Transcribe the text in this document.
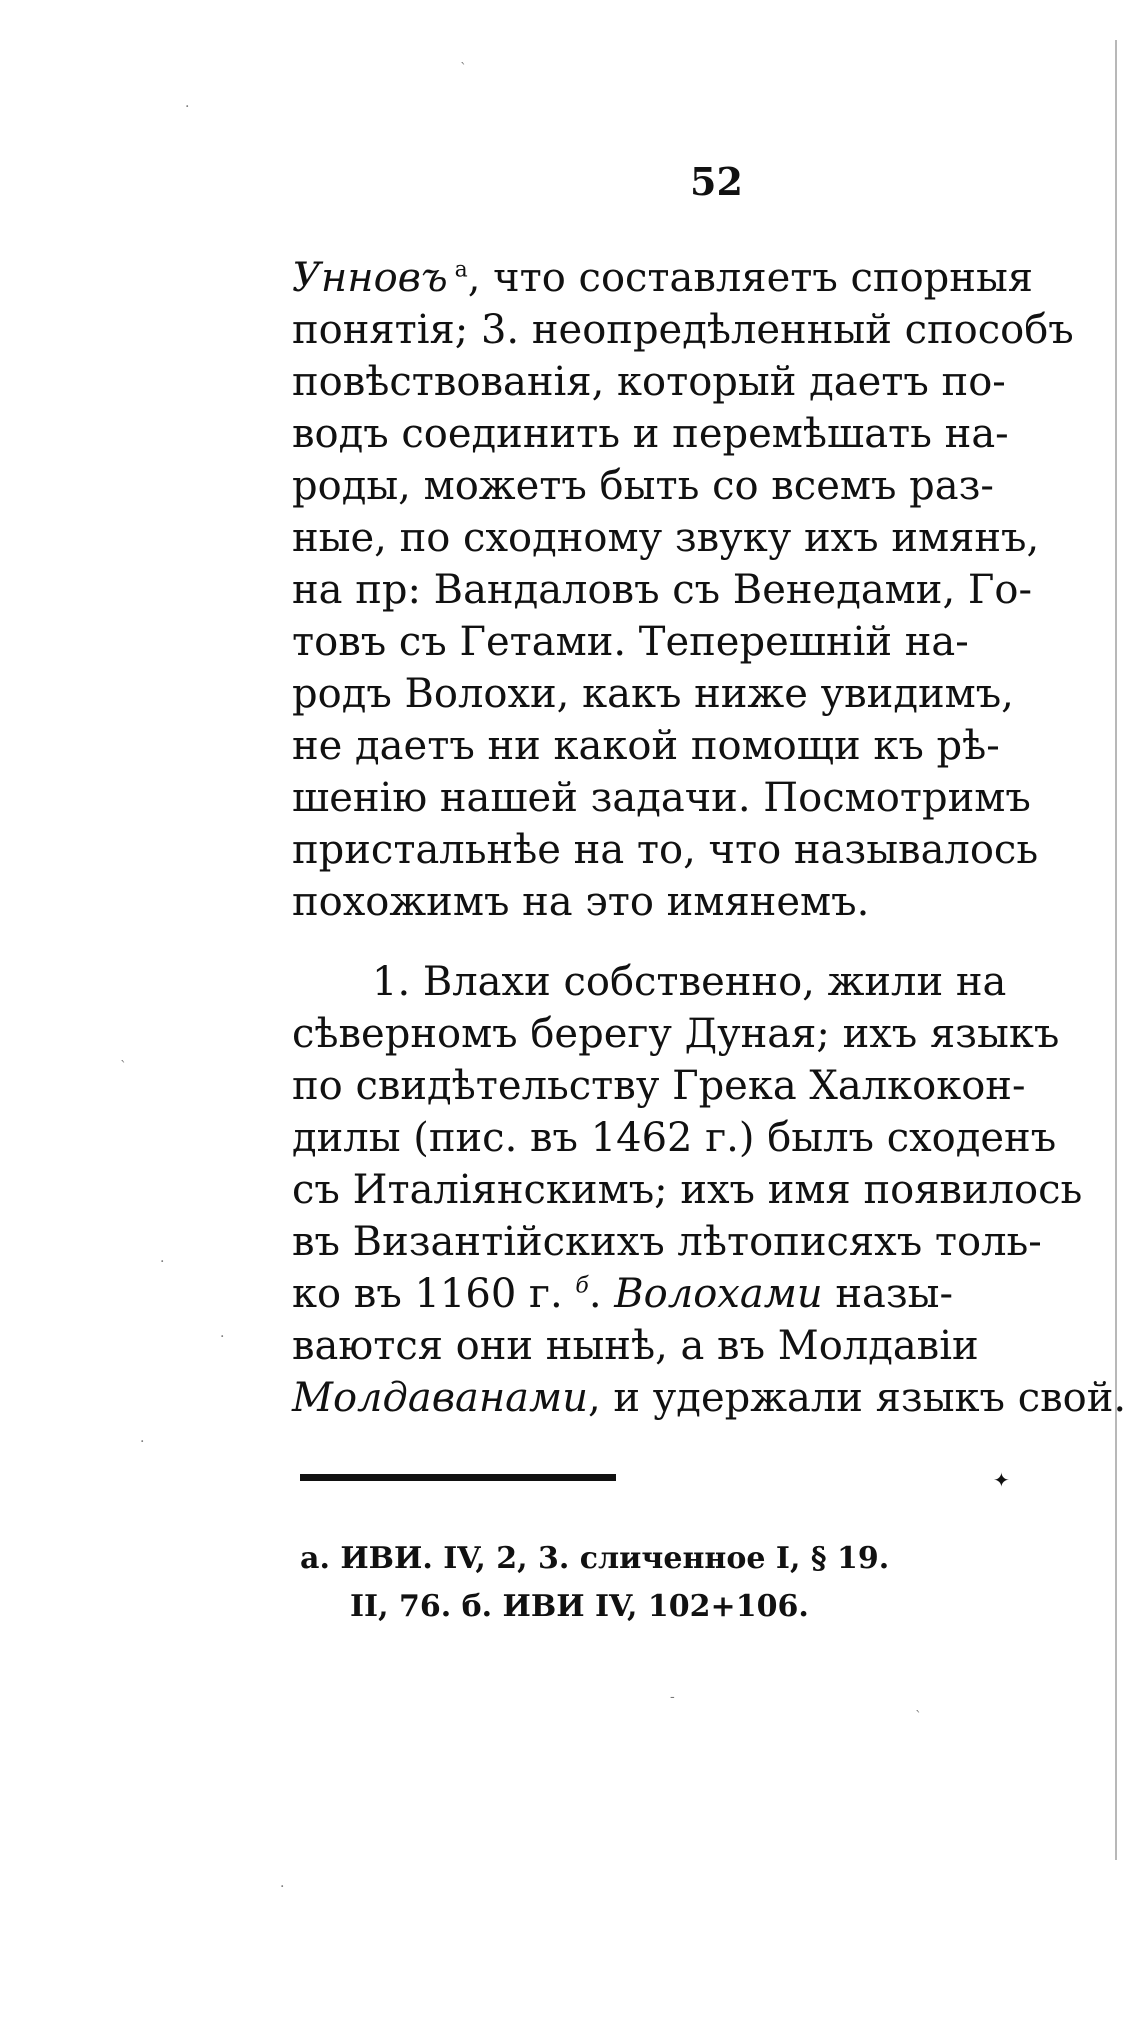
52
Унновъ $^a$, что составляетъ спорныя
понятія; 3. неопредѣленный способъ
повѣствованія, который даетъ по-
водъ соединить и перемѣшать на-
роды, можетъ быть со всемъ раз-
ные, по сходному звуку ихъ имянъ,
на пр: Вандаловъ съ Венедами, Го-
товъ съ Гетами. Теперешній на-
родъ Волохи, какъ ниже увидимъ,
не даетъ ни какой помощи къ рѣ-
шенію нашей задачи. Посмотримъ
пристальнѣе на то, что называлось
похожимъ на это имянемъ.
1. Влахи собственно, жили на
сѣверномъ берегу Дуная; ихъ языкъ
по свидѣтельству Грека Халкокон-
дилы (пис. въ 1462 г.) былъ сходенъ
съ Италіянскимъ; ихъ имя появилось
въ Византійскихъ лѣтописяхъ толь-
ко въ 1160 г. $^б$. Волохами назы-
ваются они нынѣ, а въ Молдавіи
Молдаванами, и удержали языкъ свой.
✦
a. ИВИ. IV, 2, 3. сличенное I, § 19.
II, 76. б. ИВИ IV, 102+106.
ˋ
·
ˋ
·
·
‐
ˋ
·
·
